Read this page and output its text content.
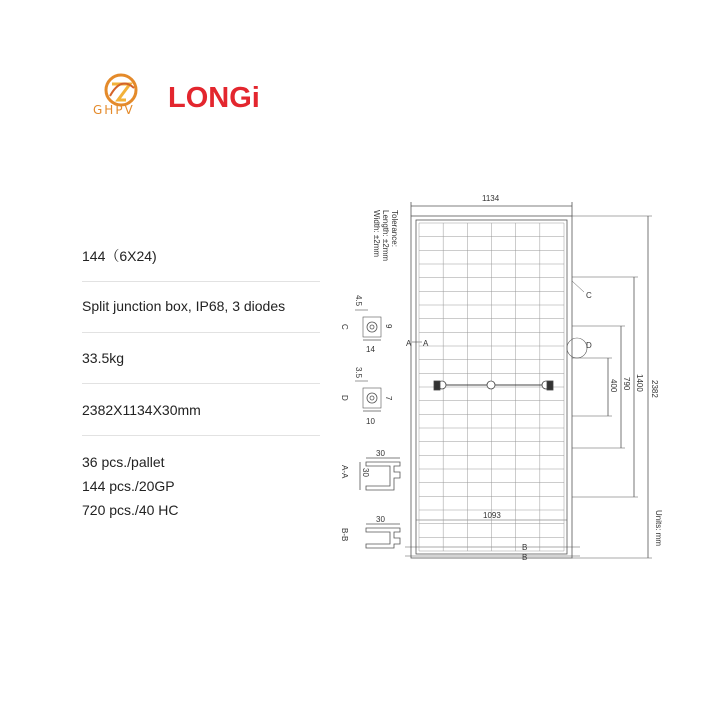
GHPV LONGi
144（6X24)
Split junction box, IP68, 3 diodes
33.5kg
2382X1134X30mm
36 pcs./pallet
144 pcs./20GP
720 pcs./40 HC
1134
1093
2382
1400
790
400
Units: mm
Tolerance:
Length: ±2mm
Width: ±2mm
C
D
A A
B
B
C
4.5
9
14
D
3.5
7
10
A-A
30
30
B-B
30
